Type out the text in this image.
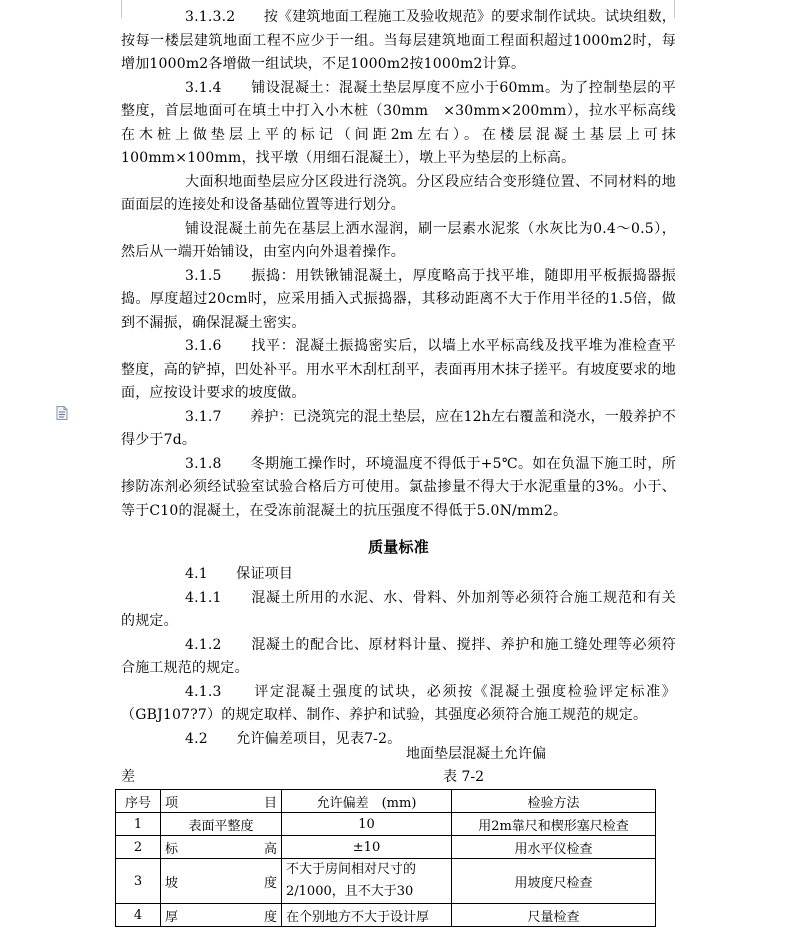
3.1.3.2　　按《建筑地面工程施工及验收规范》的要求制作试块。试块组数，按每一楼层建筑地面工程不应少于一组。当每层建筑地面工程面积超过1000m2时，每增加1000m2各增做一组试块，不足1000m2按1000m2计算。

3.1.4　　铺设混凝土：混凝土垫层厚度不应小于60mm。为了控制垫层的平整度，首层地面可在填土中打入小木桩（30mm　×30mm×200mm），拉水平标高线在木桩上做垫层上平的标记（间距2m左右）。在楼层混凝土基层上可抹100mm×100mm，找平墩（用细石混凝土），墩上平为垫层的上标高。

大面积地面垫层应分区段进行浇筑。分区段应结合变形缝位置、不同材料的地面面层的连接处和设备基础位置等进行划分。

铺设混凝土前先在基层上洒水湿润，刷一层素水泥浆（水灰比为0.4～0.5），然后从一端开始铺设，由室内向外退着操作。

3.1.5　　振捣：用铁锹铺混凝土，厚度略高于找平堆，随即用平板振捣器振捣。厚度超过20cm时，应采用插入式振捣器，其移动距离不大于作用半径的1.5倍，做到不漏振，确保混凝土密实。

3.1.6　　找平：混凝土振捣密实后，以墙上水平标高线及找平堆为准检查平整度，高的铲掉，凹处补平。用水平木刮杠刮平，表面再用木抹子搓平。有坡度要求的地面，应按设计要求的坡度做。

3.1.7　　养护：已浇筑完的混土垫层，应在12h左右覆盖和浇水，一般养护不得少于7d。

3.1.8　　冬期施工操作时，环境温度不得低于+5℃。如在负温下施工时，所掺防冻剂必须经试验室试验合格后方可使用。氯盐掺量不得大于水泥重量的3%。小于、等于C10的混凝土，在受冻前混凝土的抗压强度不得低于5.0N/mm2。

质量标准

4.1　　保证项目

4.1.1　　混凝土所用的水泥、水、骨料、外加剂等必须符合施工规范和有关的规定。

4.1.2　　混凝土的配合比、原材料计量、搅拌、养护和施工缝处理等必须符合施工规范的规定。

4.1.3　　评定混凝土强度的试块，必须按《混凝土强度检验评定标准》（GBJ107?7）的规定取样、制作、养护和试验，其强度必须符合施工规范的规定。

4.2　　允许偏差项目，见表7-2。

地面垫层混凝土允许偏
差	表 7-2
序号	项 目	允许偏差　(mm)	检验方法
1	表面平整度	10	用2m靠尺和楔形塞尺检查
2	标 高	±10	用水平仪检查
3	坡 度	不大于房间相对尺寸的2/1000，且不大于30	用坡度尺检查
4	厚 度	在个别地方不大于设计厚	尺量检查
